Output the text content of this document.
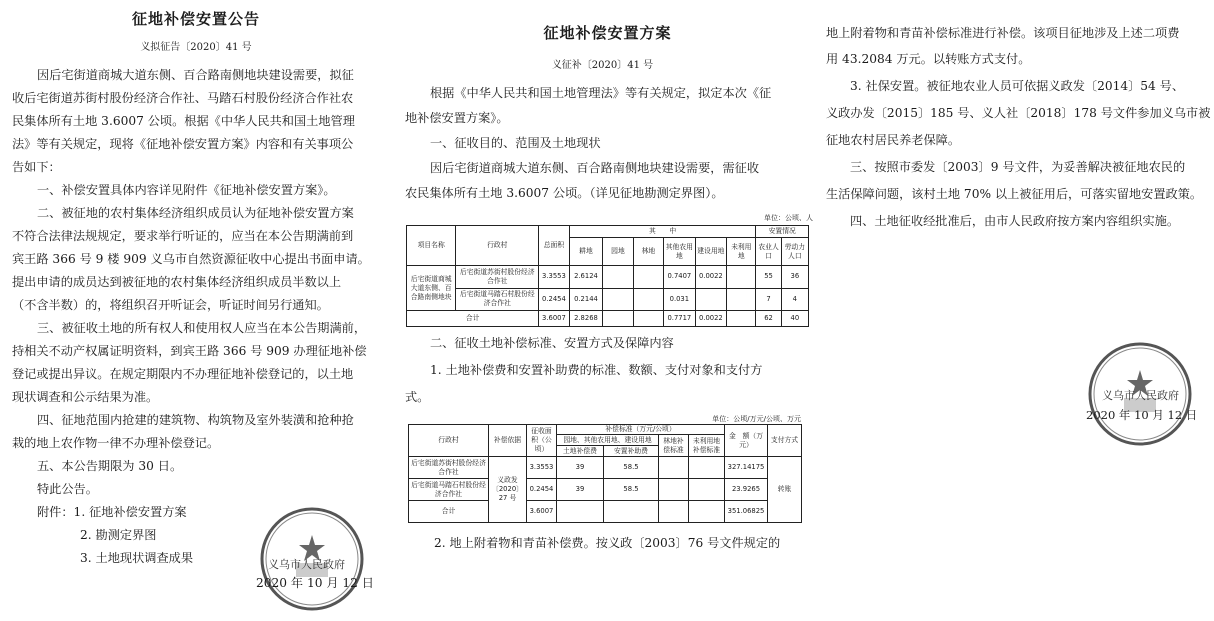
征地补偿安置公告
义拟征告〔2020〕41 号
因后宅街道商城大道东侧、百合路南侧地块建设需要，拟征
收后宅街道苏街村股份经济合作社、马踏石村股份经济合作社农
民集体所有土地 3.6007 公顷。根据《中华人民共和国土地管理
法》等有关规定，现将《征地补偿安置方案》内容和有关事项公
告如下：
一、补偿安置具体内容详见附件《征地补偿安置方案》。
二、被征地的农村集体经济组织成员认为征地补偿安置方案
不符合法律法规规定，要求举行听证的，应当在本公告期满前到
宾王路 366 号 9 楼 909 义乌市自然资源征收中心提出书面申请。
提出申请的成员达到被征地的农村集体经济组织成员半数以上
（不含半数）的，将组织召开听证会，听证时间另行通知。
三、被征收土地的所有权人和使用权人应当在本公告期满前，
持相关不动产权属证明资料，到宾王路 366 号 909 办理征地补偿
登记或提出异议。在规定期限内不办理征地补偿登记的，以土地
现状调查和公示结果为准。
四、征地范围内抢建的建筑物、构筑物及室外装潢和抢种抢
栽的地上农作物一律不办理补偿登记。
五、本公告期限为 30 日。
特此公告。
附件：1. 征地补偿安置方案
2. 勘测定界图
3. 土地现状调查成果	义乌市人民政府
2020 年 10 月 12 日
征地补偿安置方案
义征补〔2020〕41 号
根据《中华人民共和国土地管理法》等有关规定，拟定本次《征
地补偿安置方案》。
一、征收目的、范围及土地现状
因后宅街道商城大道东侧、百合路南侧地块建设需要，需征收
农民集体所有土地 3.6007 公顷。（详见征地勘测定界图）。
单位：公顷、人
项目名称	行政村	总面积	其　　中						安置情况	
			耕地	园地	林地	其他农用地	建设用地	未利用地	农业人口	劳动力人口
后宅街道商城大道东侧、百合路南侧地块	后宅街道苏街村股份经济合作社	3.3553	2.6124			0.7407	0.0022		55	36
	后宅街道马踏石村股份经济合作社	0.2454	0.2144			0.031			7	4
合计		3.6007	2.8268			0.7717	0.0022		62	40
二、征收土地补偿标准、安置方式及保障内容
1. 土地补偿费和安置补助费的标准、数额、支付对象和支付方
式。
单位：公顷/万元/公顷、万元
行政村	补偿依据	征收面积（公顷）	补偿标准（万元/公顷）				金　额（万元）	支付方式
			园地、其他农用地、建设用地		林地补偿标准	未利用地补偿标准		
			土地补偿费	安置补助费				
后宅街道苏街村股份经济合作社	义政发〔2020〕27 号	3.3553	39	58.5			327.14175	转账
后宅街道马踏石村股份经济合作社		0.2454	39	58.5			23.9265	
合计		3.6007					351.06825	
2. 地上附着物和青苗补偿费。按义政〔2003〕76 号文件规定的
地上附着物和青苗补偿标准进行补偿。该项目征地涉及上述二项费
用 43.2084 万元。以转账方式支付。
3. 社保安置。被征地农业人员可依据义政发〔2014〕54 号、
义政办发〔2015〕185 号、义人社〔2018〕178 号文件参加义乌市被
征地农村居民养老保障。
三、按照市委发〔2003〕9 号文件，为妥善解决被征地农民的
生活保障问题，该村土地 70% 以上被征用后，可落实留地安置政策。
四、土地征收经批准后，由市人民政府按方案内容组织实施。
义乌市人民政府
2020 年 10 月 12 日
